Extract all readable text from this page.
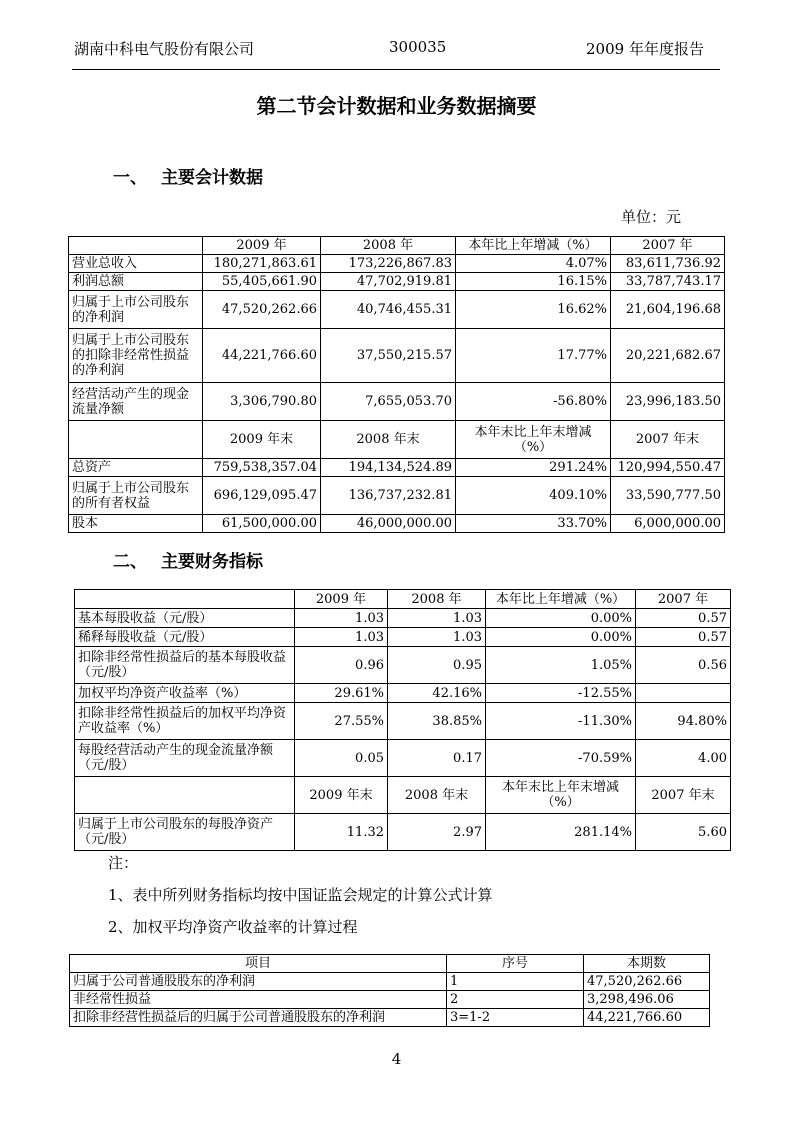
湖南中科电气股份有限公司	300035	2009 年年度报告
第二节会计数据和业务数据摘要
一、 主要会计数据
单位：元
	2009 年	2008 年	本年比上年增减（%）	2007 年
营业总收入	180,271,863.61	173,226,867.83	4.07%	83,611,736.92
利润总额	55,405,661.90	47,702,919.81	16.15%	33,787,743.17
归属于上市公司股东的净利润	47,520,262.66	40,746,455.31	16.62%	21,604,196.68
归属于上市公司股东的扣除非经常性损益的净利润	44,221,766.60	37,550,215.57	17.77%	20,221,682.67
经营活动产生的现金流量净额	3,306,790.80	7,655,053.70	-56.80%	23,996,183.50
	2009 年末	2008 年末	本年末比上年末增减（%）	2007 年末
总资产	759,538,357.04	194,134,524.89	291.24%	120,994,550.47
归属于上市公司股东的所有者权益	696,129,095.47	136,737,232.81	409.10%	33,590,777.50
股本	61,500,000.00	46,000,000.00	33.70%	6,000,000.00
二、 主要财务指标
	2009 年	2008 年	本年比上年增减（%）	2007 年
基本每股收益（元/股）	1.03	1.03	0.00%	0.57
稀释每股收益（元/股）	1.03	1.03	0.00%	0.57
扣除非经常性损益后的基本每股收益（元/股）	0.96	0.95	1.05%	0.56
加权平均净资产收益率（%）	29.61%	42.16%	-12.55%	
扣除非经常性损益后的加权平均净资产收益率（%）	27.55%	38.85%	-11.30%	94.80%
每股经营活动产生的现金流量净额（元/股）	0.05	0.17	-70.59%	4.00
	2009 年末	2008 年末	本年末比上年末增减（%）	2007 年末
归属于上市公司股东的每股净资产（元/股）	11.32	2.97	281.14%	5.60
注：
1、表中所列财务指标均按中国证监会规定的计算公式计算
2、加权平均净资产收益率的计算过程
项目	序号	本期数
归属于公司普通股股东的净利润	1	47,520,262.66
非经常性损益	2	3,298,496.06
扣除非经营性损益后的归属于公司普通股股东的净利润	3=1-2	44,221,766.60
4
